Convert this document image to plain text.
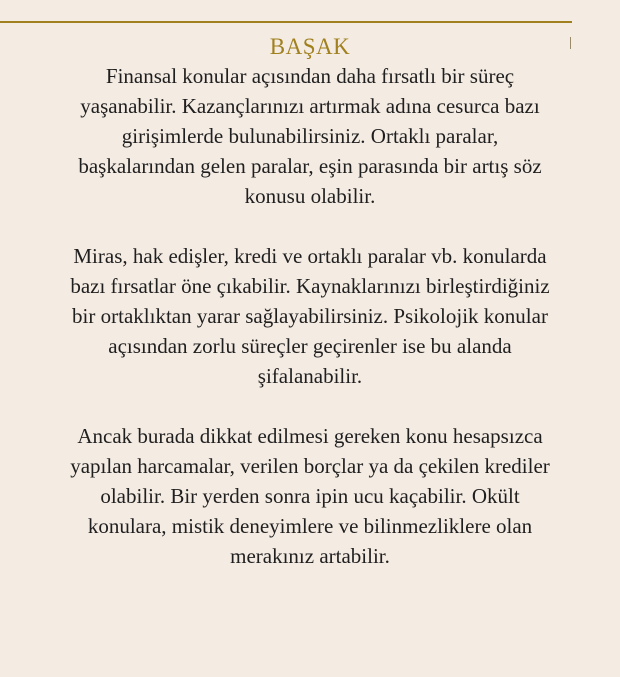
BAŞAK

Finansal konular açısından daha fırsatlı bir süreç
yaşanabilir. Kazançlarınızı artırmak adına cesurca bazı
girişimlerde bulunabilirsiniz. Ortaklı paralar,
başkalarından gelen paralar, eşin parasında bir artış söz
konusu olabilir.

Miras, hak edişler, kredi ve ortaklı paralar vb. konularda
bazı fırsatlar öne çıkabilir. Kaynaklarınızı birleştirdiğiniz
bir ortaklıktan yarar sağlayabilirsiniz. Psikolojik konular
açısından zorlu süreçler geçirenler ise bu alanda
şifalanabilir.

Ancak burada dikkat edilmesi gereken konu hesapsızca
yapılan harcamalar, verilen borçlar ya da çekilen krediler
olabilir. Bir yerden sonra ipin ucu kaçabilir. Okült
konulara, mistik deneyimlere ve bilinmezliklere olan
merakınız artabilir.
